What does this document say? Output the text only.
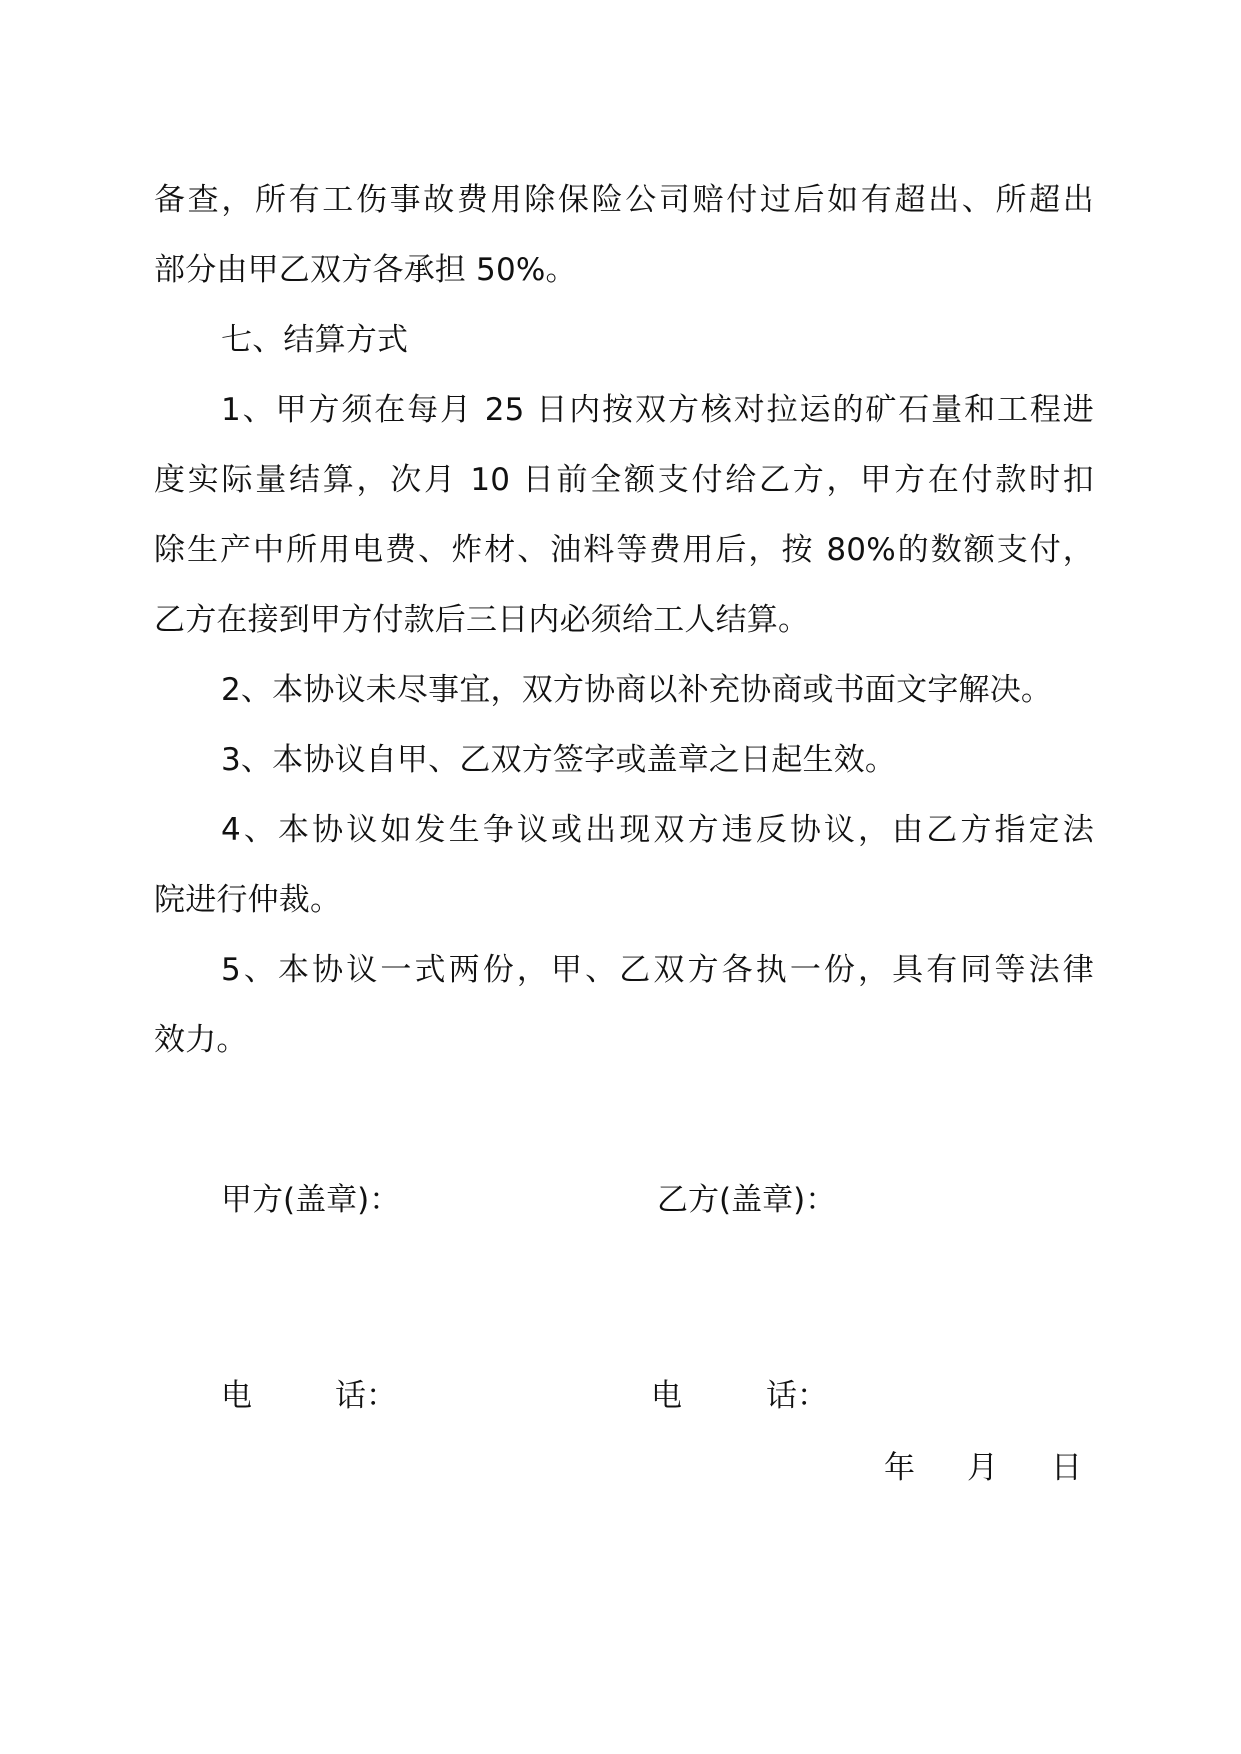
备查，所有工伤事故费用除保险公司赔付过后如有超出、所超出
部分由甲乙双方各承担 50%。
七、结算方式
1、甲方须在每月 25 日内按双方核对拉运的矿石量和工程进
度实际量结算，次月 10 日前全额支付给乙方，甲方在付款时扣
除生产中所用电费、炸材、油料等费用后，按 80%的数额支付，
乙方在接到甲方付款后三日内必须给工人结算。
2、本协议未尽事宜，双方协商以补充协商或书面文字解决。
3、本协议自甲、乙双方签字或盖章之日起生效。
4、本协议如发生争议或出现双方违反协议，由乙方指定法
院进行仲裁。
5、本协议一式两份，甲、乙双方各执一份，具有同等法律
效力。
甲方(盖章)：	乙方(盖章)：
电	话：	电	话：
年 月 日
